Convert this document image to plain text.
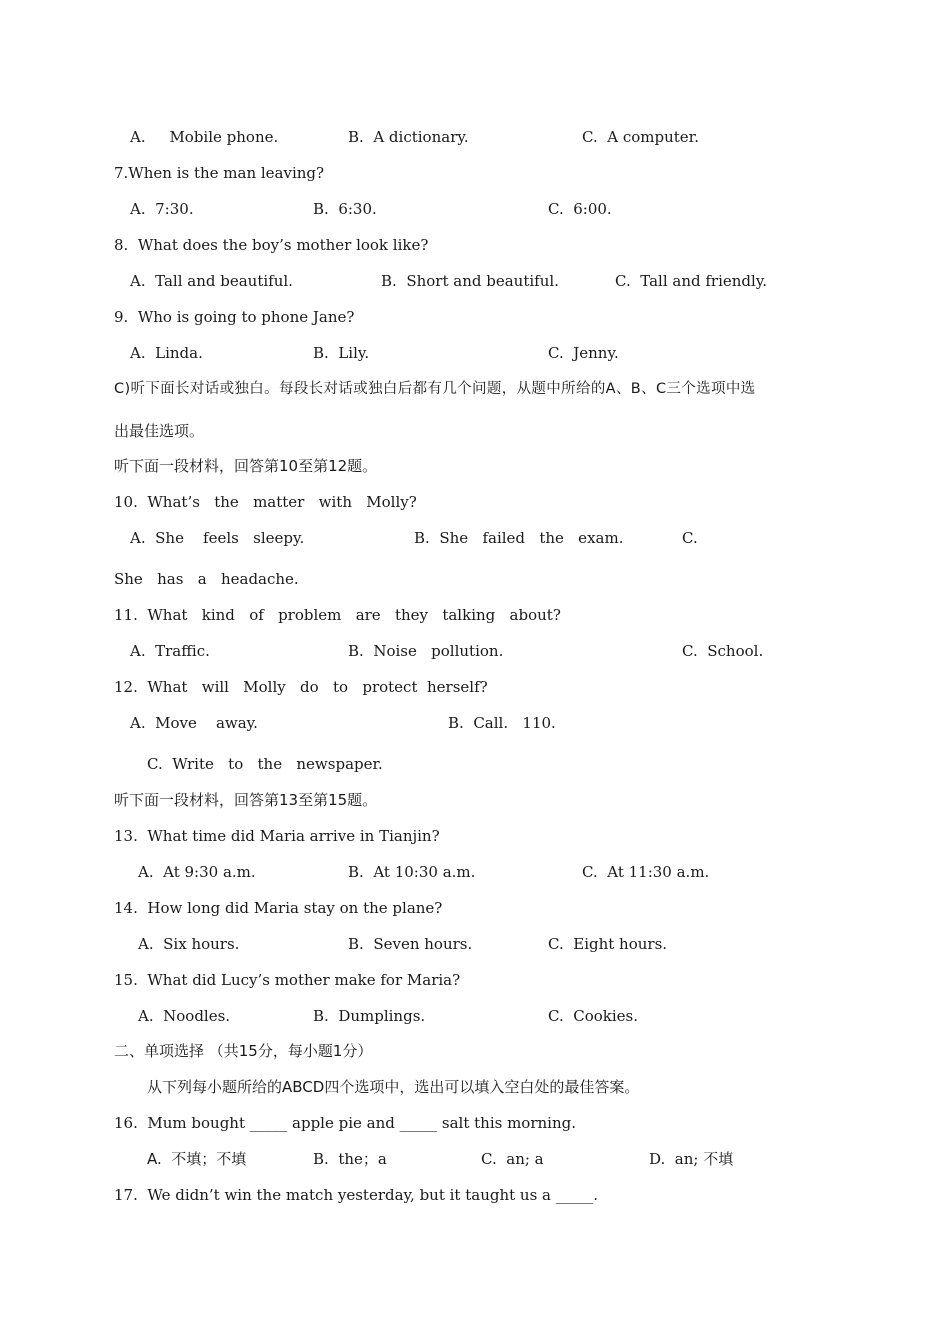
A.     Mobile phone.	B.  A dictionary.	C.  A computer.
7.When is the man leaving?
A.  7:30.	B.  6:30.	C.  6:00.
8.  What does the boy’s mother look like?
A.  Tall and beautiful.	B.  Short and beautiful.	C.  Tall and friendly.
9.  Who is going to phone Jane?
A.  Linda.	B.  Lily.	C.  Jenny.
C)听下面长对话或独白。每段长对话或独白后都有几个问题，从题中所给的A、B、C三个选项中选
出最佳选项。
听下面一段材料，回答第10至第12题。
10.  What’s   the   matter   with   Molly?
A.  She    feels   sleepy.	B.  She   failed   the   exam.	C.
She   has   a   headache.
11.  What   kind   of   problem   are   they   talking   about?
A.  Traffic.	B.  Noise   pollution.	C.  School.
12.  What   will   Molly   do   to   protect  herself?
A.  Move    away.	B.  Call.   110.
C.  Write   to   the   newspaper.
听下面一段材料，回答第13至第15题。
13.  What time did Maria arrive in Tianjin?
A.  At 9:30 a.m.	B.  At 10:30 a.m.	C.  At 11:30 a.m.
14.  How long did Maria stay on the plane?
A.  Six hours.	B.  Seven hours.	C.  Eight hours.
15.  What did Lucy’s mother make for Maria?
A.  Noodles.	B.  Dumplings.	C.  Cookies.
二、单项选择 （共15分，每小题1分）
从下列每小题所给的ABCD四个选项中，选出可以填入空白处的最佳答案。
16.  Mum bought _____ apple pie and _____ salt this morning.
A.  不填；不填	B.  the；a	C.  an; a	D.  an; 不填
17.  We didn’t win the match yesterday, but it taught us a _____.
